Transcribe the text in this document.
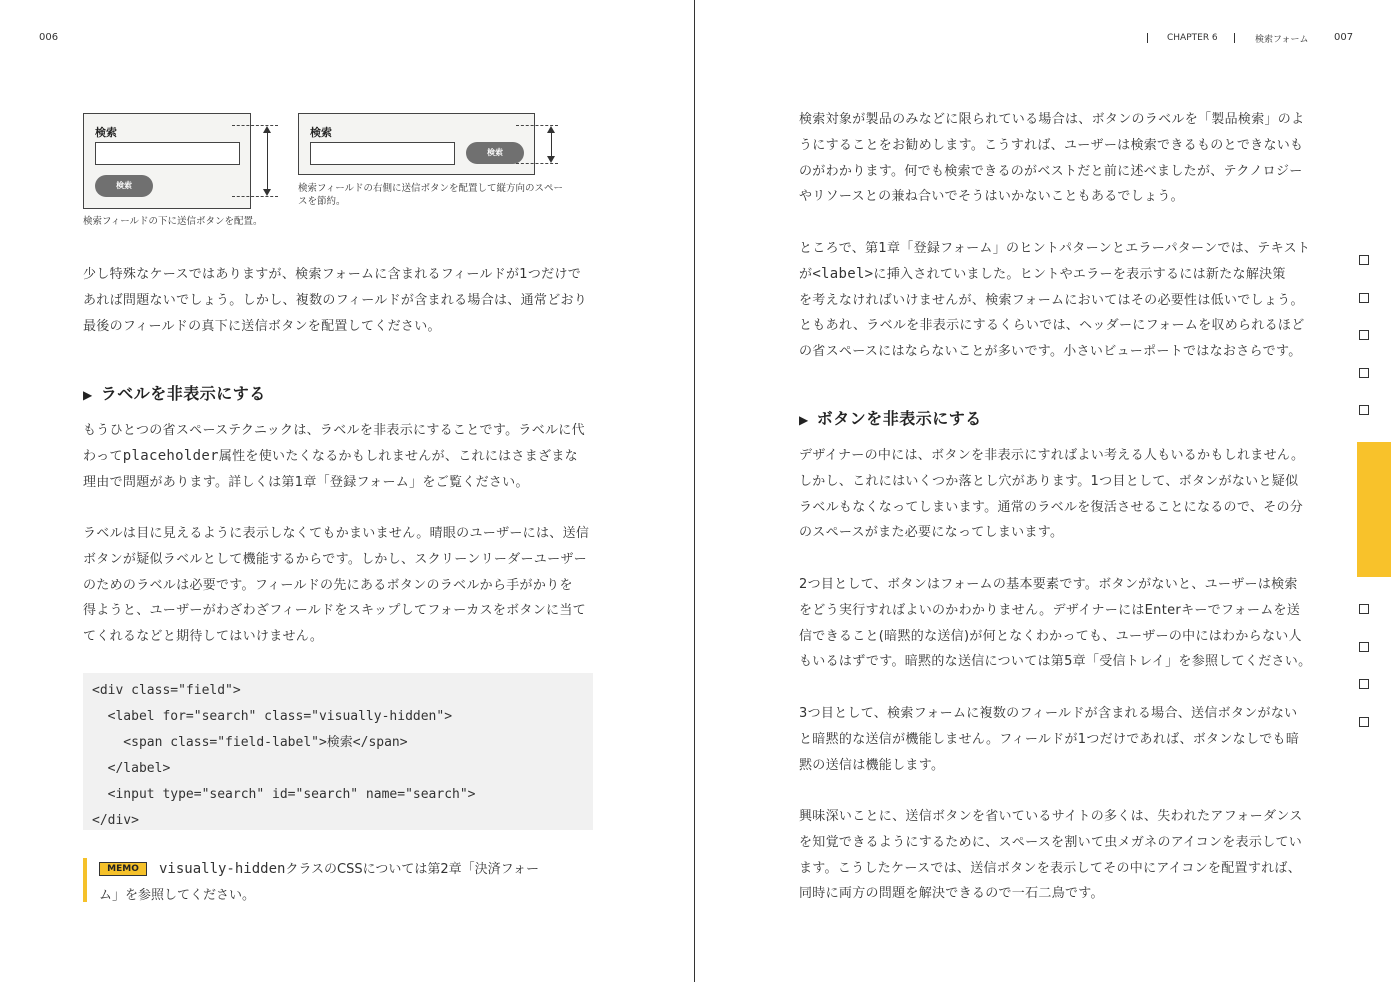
006	CHAPTER 6	検索フォーム	007
検索
検索
検索フィールドの下に送信ボタンを配置。
検索
検索
検索フィールドの右側に送信ボタンを配置して縦方向のスペー
スを節約。

少し特殊なケースではありますが、検索フォームに含まれるフィールドが1つだけで

あれば問題ないでしょう。しかし、複数のフィールドが含まれる場合は、通常どおり

最後のフィールドの真下に送信ボタンを配置してください。

▶ ラベルを非表示にする

もうひとつの省スペーステクニックは、ラベルを非表示にすることです。ラベルに代

わってplaceholder属性を使いたくなるかもしれませんが、これにはさまざまな

理由で問題があります。詳しくは第1章「登録フォーム」をご覧ください。

ラベルは目に見えるように表示しなくてもかまいません。晴眼のユーザーには、送信

ボタンが疑似ラベルとして機能するからです。しかし、スクリーンリーダーユーザー

のためのラベルは必要です。フィールドの先にあるボタンのラベルから手がかりを

得ようと、ユーザーがわざわざフィールドをスキップしてフォーカスをボタンに当て

てくれるなどと期待してはいけません。

<div class="field">
<label for="search" class="visually-hidden">
<span class="field-label">検索</span>
</label>
<input type="search" id="search" name="search">
</div>
MEMO	visually-hiddenクラスのCSSについては第2章「決済フォー
ム」を参照してください。

検索対象が製品のみなどに限られている場合は、ボタンのラベルを「製品検索」のよ

うにすることをお勧めします。こうすれば、ユーザーは検索できるものとできないも

のがわかります。何でも検索できるのがベストだと前に述べましたが、テクノロジー

やリソースとの兼ね合いでそうはいかないこともあるでしょう。

ところで、第1章「登録フォーム」のヒントパターンとエラーパターンでは、テキスト

が<label>に挿入されていました。ヒントやエラーを表示するには新たな解決策

を考えなければいけませんが、検索フォームにおいてはその必要性は低いでしょう。

ともあれ、ラベルを非表示にするくらいでは、ヘッダーにフォームを収められるほど

の省スペースにはならないことが多いです。小さいビューポートではなおさらです。

▶ ボタンを非表示にする

デザイナーの中には、ボタンを非表示にすればよい考える人もいるかもしれません。

しかし、これにはいくつか落とし穴があります。1つ目として、ボタンがないと疑似

ラベルもなくなってしまいます。通常のラベルを復活させることになるので、その分

のスペースがまた必要になってしまいます。

2つ目として、ボタンはフォームの基本要素です。ボタンがないと、ユーザーは検索

をどう実行すればよいのかわかりません。デザイナーにはEnterキーでフォームを送

信できること(暗黙的な送信)が何となくわかっても、ユーザーの中にはわからない人

もいるはずです。暗黙的な送信については第5章「受信トレイ」を参照してください。

3つ目として、検索フォームに複数のフィールドが含まれる場合、送信ボタンがない

と暗黙的な送信が機能しません。フィールドが1つだけであれば、ボタンなしでも暗

黙の送信は機能します。

興味深いことに、送信ボタンを省いているサイトの多くは、失われたアフォーダンス

を知覚できるようにするために、スペースを割いて虫メガネのアイコンを表示してい

ます。こうしたケースでは、送信ボタンを表示してその中にアイコンを配置すれば、

同時に両方の問題を解決できるので一石二鳥です。
